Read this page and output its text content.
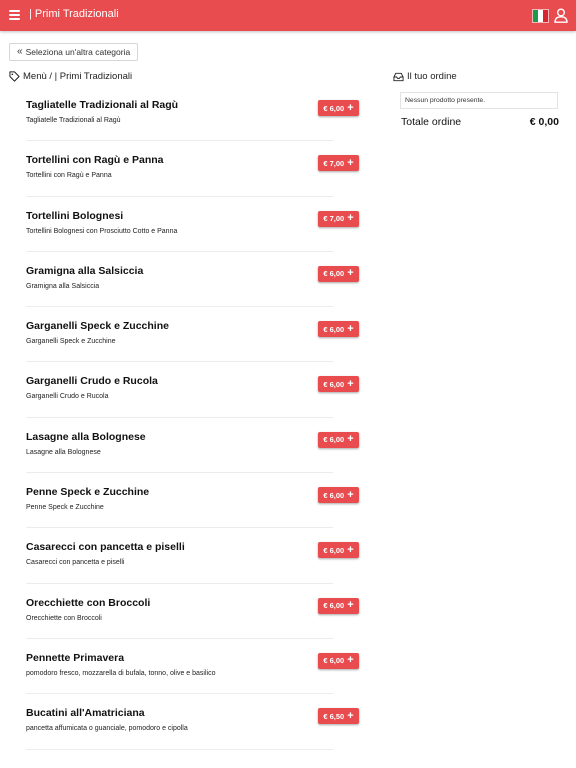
| Primi Tradizionali
« Seleziona un'altra categoria
Menù / | Primi Tradizionali
Tagliatelle Tradizionali al Ragù
Tagliatelle Tradizionali al Ragù
€ 6,00 +
Tortellini con Ragù e Panna
Tortellini con Ragù e Panna
€ 7,00 +
Tortellini Bolognesi
Tortellini Bolognesi con Prosciutto Cotto e Panna
€ 7,00 +
Gramigna alla Salsiccia
Gramigna alla Salsiccia
€ 6,00 +
Garganelli Speck e Zucchine
Garganelli Speck e Zucchine
€ 6,00 +
Garganelli Crudo e Rucola
Garganelli Crudo e Rucola
€ 6,00 +
Lasagne alla Bolognese
Lasagne alla Bolognese
€ 6,00 +
Penne Speck e Zucchine
Penne Speck e Zucchine
€ 6,00 +
Casarecci con pancetta e piselli
Casarecci con pancetta e piselli
€ 6,00 +
Orecchiette con Broccoli
Orecchiette con Broccoli
€ 6,00 +
Pennette Primavera
pomodoro fresco, mozzarella di bufala, tonno, olive e basilico
€ 6,00 +
Bucatini all'Amatriciana
pancetta affumicata o guanciale, pomodoro e cipolla
€ 6,50 +
Il tuo ordine
Nessun prodotto presente.
Totale ordine	€ 0,00
